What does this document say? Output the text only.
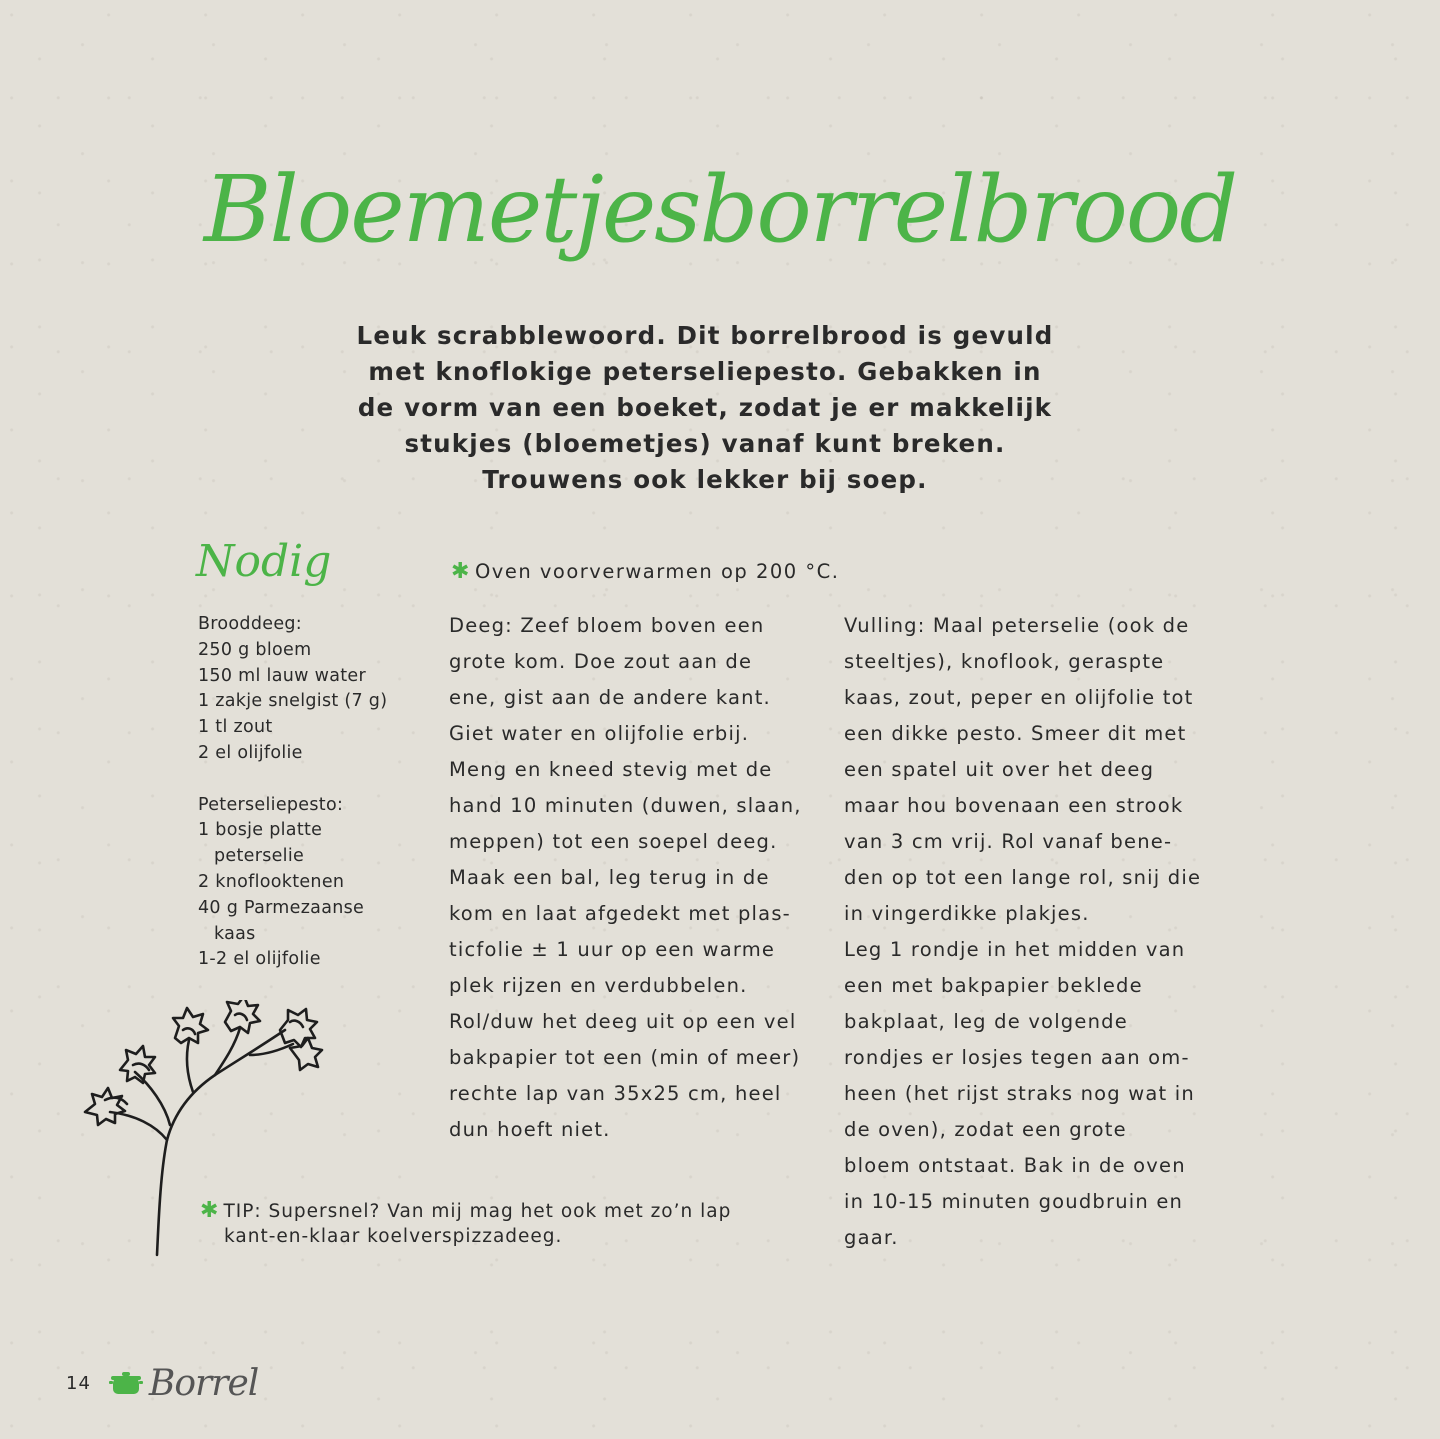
Bloemetjesborrelbrood
Leuk scrabblewoord. Dit borrelbrood is gevuld
met knoflokige peterseliepesto. Gebakken in
de vorm van een boeket, zodat je er makkelijk
stukjes (bloemetjes) vanaf kunt breken.
Trouwens ook lekker bij soep.
Nodig
Brooddeeg:
250 g bloem
150 ml lauw water
1 zakje snelgist (7 g)
1 tl zout
2 el olijfolie
Peterseliepesto:
1 bosje platte
peterselie
2 knoflooktenen
40 g Parmezaanse
kaas
1-2 el olijfolie
✱ Oven voorverwarmen op 200 °C.
Deeg: Zeef bloem boven een
grote kom. Doe zout aan de
ene, gist aan de andere kant.
Giet water en olijfolie erbij.
Meng en kneed stevig met de
hand 10 minuten (duwen, slaan,
meppen) tot een soepel deeg.
Maak een bal, leg terug in de
kom en laat afgedekt met plas-
ticfolie ± 1 uur op een warme
plek rijzen en verdubbelen.
Rol/duw het deeg uit op een vel
bakpapier tot een (min of meer)
rechte lap van 35x25 cm, heel
dun hoeft niet.
Vulling: Maal peterselie (ook de
steeltjes), knoflook, geraspte
kaas, zout, peper en olijfolie tot
een dikke pesto. Smeer dit met
een spatel uit over het deeg
maar hou bovenaan een strook
van 3 cm vrij. Rol vanaf bene-
den op tot een lange rol, snij die
in vingerdikke plakjes.
Leg 1 rondje in het midden van
een met bakpapier beklede
bakplaat, leg de volgende
rondjes er losjes tegen aan om-
heen (het rijst straks nog wat in
de oven), zodat een grote
bloem ontstaat. Bak in de oven
in 10-15 minuten goudbruin en
gaar.
✱ TIP: Supersnel? Van mij mag het ook met zo’n lap
kant-en-klaar koelverspizzadeeg.
14 Borrel
